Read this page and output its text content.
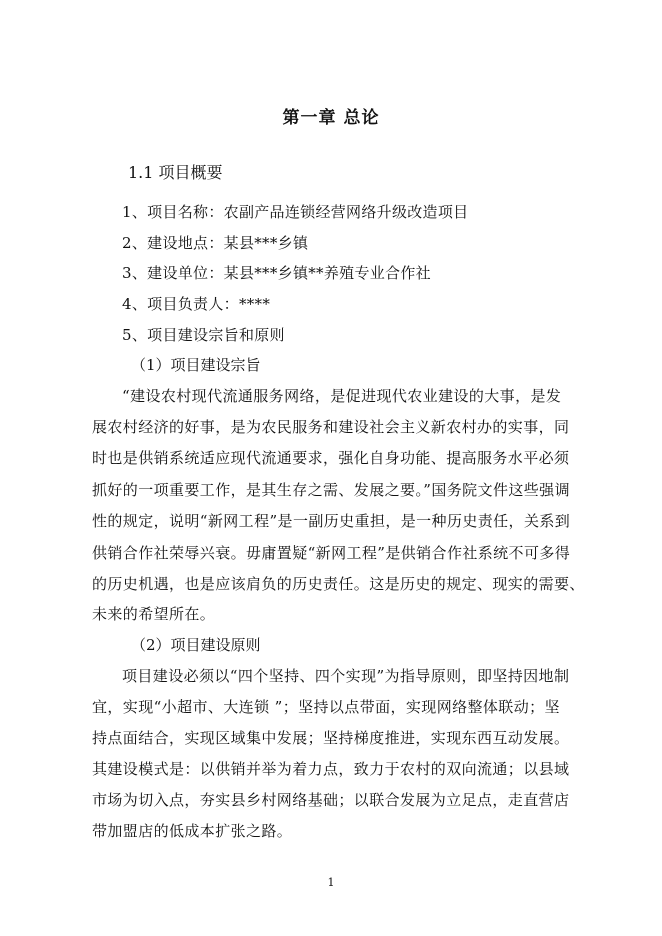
第一章 总论
1.1 项目概要
1、项目名称：农副产品连锁经营网络升级改造项目
2、建设地点：某县***乡镇
3、建设单位：某县***乡镇**养殖专业合作社
4、项目负责人：****
5、项目建设宗旨和原则
（1）项目建设宗旨
“建设农村现代流通服务网络，是促进现代农业建设的大事，是发
展农村经济的好事，是为农民服务和建设社会主义新农村办的实事，同
时也是供销系统适应现代流通要求，强化自身功能、提高服务水平必须
抓好的一项重要工作，是其生存之需、发展之要。”国务院文件这些强调
性的规定，说明“新网工程”是一副历史重担，是一种历史责任，关系到
供销合作社荣辱兴衰。毋庸置疑“新网工程”是供销合作社系统不可多得
的历史机遇，也是应该肩负的历史责任。这是历史的规定、现实的需要、
未来的希望所在。
（2）项目建设原则
项目建设必须以“四个坚持、四个实现”为指导原则，即坚持因地制
宜，实现“小超市、大连锁 ”；坚持以点带面，实现网络整体联动；坚
持点面结合，实现区域集中发展；坚持梯度推进，实现东西互动发展。
其建设模式是：以供销并举为着力点，致力于农村的双向流通；以县域
市场为切入点，夯实县乡村网络基础；以联合发展为立足点，走直营店
带加盟店的低成本扩张之路。
1
